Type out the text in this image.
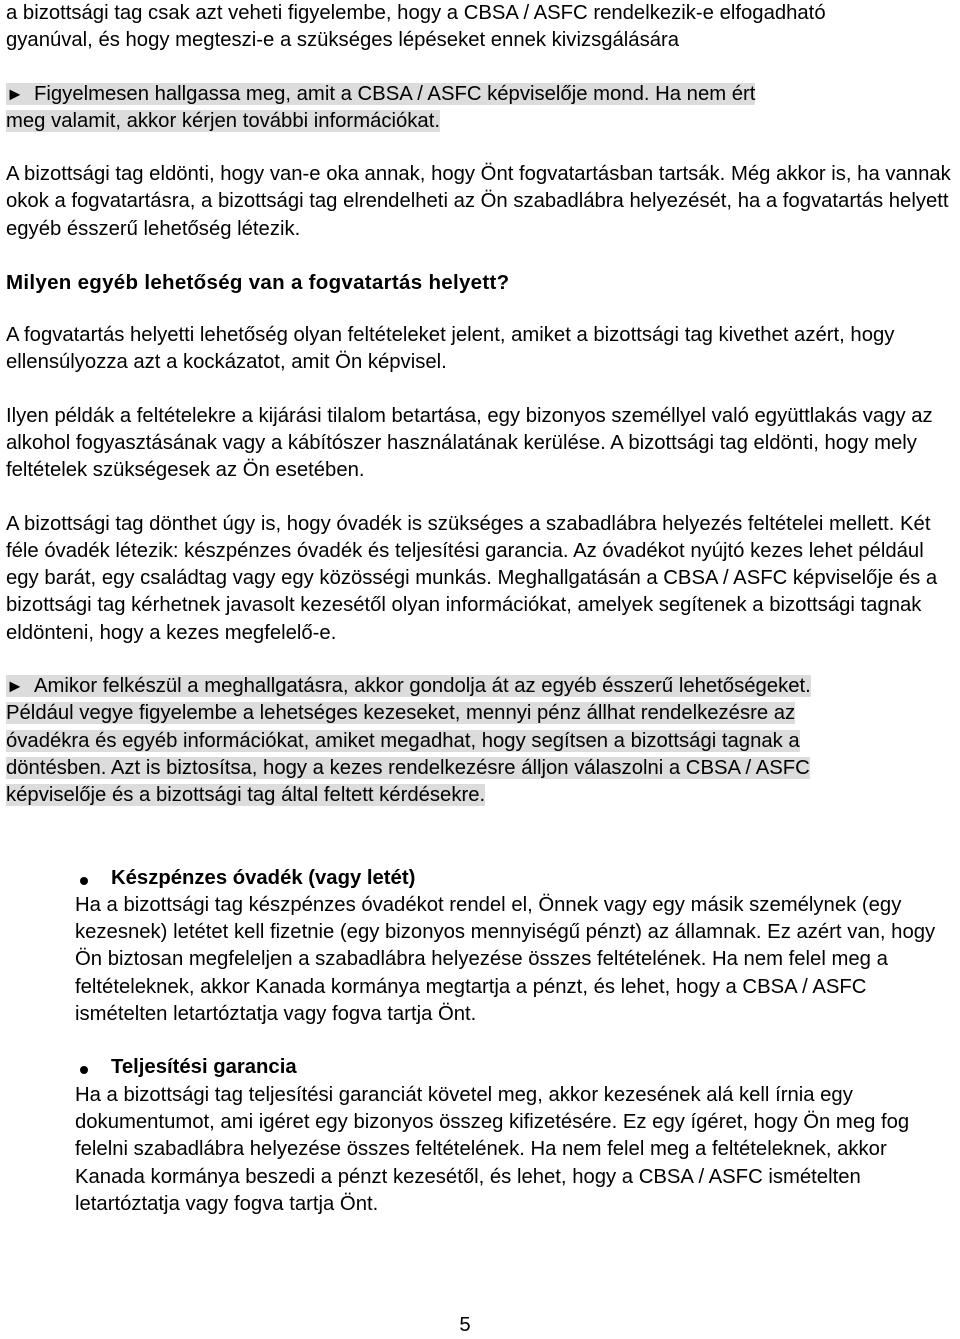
a bizottsági tag csak azt veheti figyelembe, hogy a CBSA / ASFC rendelkezik-e elfogadható gyanúval, és hogy megteszi-e a szükséges lépéseket ennek kivizsgálására

► Figyelmesen hallgassa meg, amit a CBSA / ASFC képviselője mond. Ha nem ért
meg valamit, akkor kérjen további információkat.

A bizottsági tag eldönti, hogy van-e oka annak, hogy Önt fogvatartásban tartsák. Még akkor is, ha vannak okok a fogvatartásra, a bizottsági tag elrendelheti az Ön szabadlábra helyezését, ha a fogvatartás helyett egyéb ésszerű lehetőség létezik.

Milyen egyéb lehetőség van a fogvatartás helyett?

A fogvatartás helyetti lehetőség olyan feltételeket jelent, amiket a bizottsági tag kivethet azért, hogy ellensúlyozza azt a kockázatot, amit Ön képvisel.

Ilyen példák a feltételekre a kijárási tilalom betartása, egy bizonyos személlyel való együttlakás vagy az alkohol fogyasztásának vagy a kábítószer használatának kerülése. A bizottsági tag eldönti, hogy mely feltételek szükségesek az Ön esetében.

A bizottsági tag dönthet úgy is, hogy óvadék is szükséges a szabadlábra helyezés feltételei mellett. Két féle óvadék létezik: készpénzes óvadék és teljesítési garancia. Az óvadékot nyújtó kezes lehet például egy barát, egy családtag vagy egy közösségi munkás. Meghallgatásán a CBSA / ASFC képviselője és a bizottsági tag kérhetnek javasolt kezesétől olyan információkat, amelyek segítenek a bizottsági tagnak eldönteni, hogy a kezes megfelelő-e.

► Amikor felkészül a meghallgatásra, akkor gondolja át az egyéb ésszerű lehetőségeket.
Például vegye figyelembe a lehetséges kezeseket, mennyi pénz állhat rendelkezésre az
óvadékra és egyéb információkat, amiket megadhat, hogy segítsen a bizottsági tagnak a
döntésben. Azt is biztosítsa, hogy a kezes rendelkezésre álljon válaszolni a CBSA / ASFC
képviselője és a bizottsági tag által feltett kérdésekre.
Készpénzes óvadék (vagy letét)

Ha a bizottsági tag készpénzes óvadékot rendel el, Önnek vagy egy másik személynek (egy kezesnek) letétet kell fizetnie (egy bizonyos mennyiségű pénzt) az államnak. Ez azért van, hogy Ön biztosan megfeleljen a szabadlábra helyezése összes feltételének. Ha nem felel meg a feltételeknek, akkor Kanada kormánya megtartja a pénzt, és lehet, hogy a CBSA / ASFC ismételten letartóztatja vagy fogva tartja Önt.

Teljesítési garancia

Ha a bizottsági tag teljesítési garanciát követel meg, akkor kezesének alá kell írnia egy dokumentumot, ami igéret egy bizonyos összeg kifizetésére. Ez egy ígéret, hogy Ön meg fog felelni szabadlábra helyezése összes feltételének. Ha nem felel meg a feltételeknek, akkor Kanada kormánya beszedi a pénzt kezesétől, és lehet, hogy a CBSA / ASFC ismételten letartóztatja vagy fogva tartja Önt.

5
